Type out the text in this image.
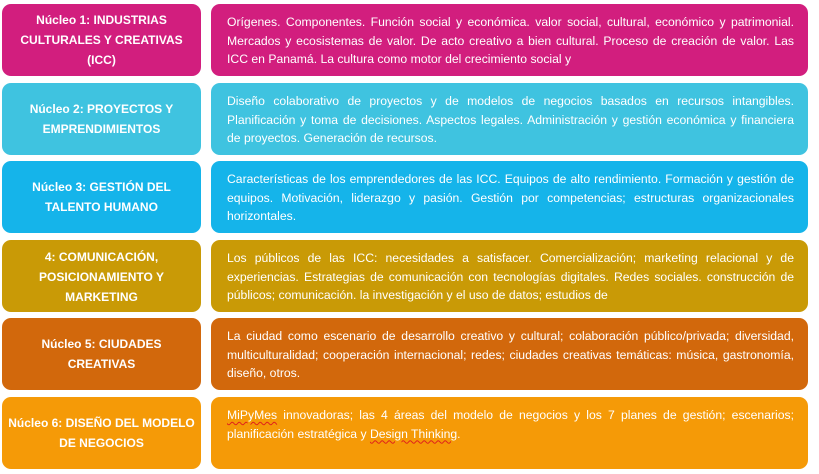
Núcleo 1: INDUSTRIAS CULTURALES Y CREATIVAS (ICC)
Orígenes. Componentes. Función social y económica. valor social, cultural, económico y patrimonial. Mercados y ecosistemas de valor. De acto creativo a bien cultural. Proceso de creación de valor. Las ICC en Panamá. La cultura como motor del crecimiento social y
Núcleo 2: PROYECTOS Y EMPRENDIMIENTOS
Diseño colaborativo de proyectos y de modelos de negocios basados en recursos intangibles. Planificación y toma de decisiones. Aspectos legales. Administración y gestión económica y financiera de proyectos. Generación de recursos.
Núcleo 3: GESTIÓN DEL TALENTO HUMANO
Características de los emprendedores de las ICC. Equipos de alto rendimiento. Formación y gestión de equipos. Motivación, liderazgo y pasión. Gestión por competencias; estructuras organizacionales horizontales.
4: COMUNICACIÓN, POSICIONAMIENTO Y MARKETING
Los públicos de las ICC: necesidades a satisfacer. Comercialización; marketing relacional y de experiencias. Estrategias de comunicación con tecnologías digitales. Redes sociales. construcción de públicos; comunicación. la investigación y el uso de datos; estudios de
Núcleo 5: CIUDADES CREATIVAS
La ciudad como escenario de desarrollo creativo y cultural; colaboración público/privada; diversidad, multiculturalidad; cooperación internacional; redes; ciudades creativas temáticas: música, gastronomía, diseño, otros.
Núcleo 6: DISEÑO DEL MODELO DE NEGOCIOS
MiPyMes innovadoras; las 4 áreas del modelo de negocios y los 7 planes de gestión; escenarios; planificación estratégica y Design Thinking.
